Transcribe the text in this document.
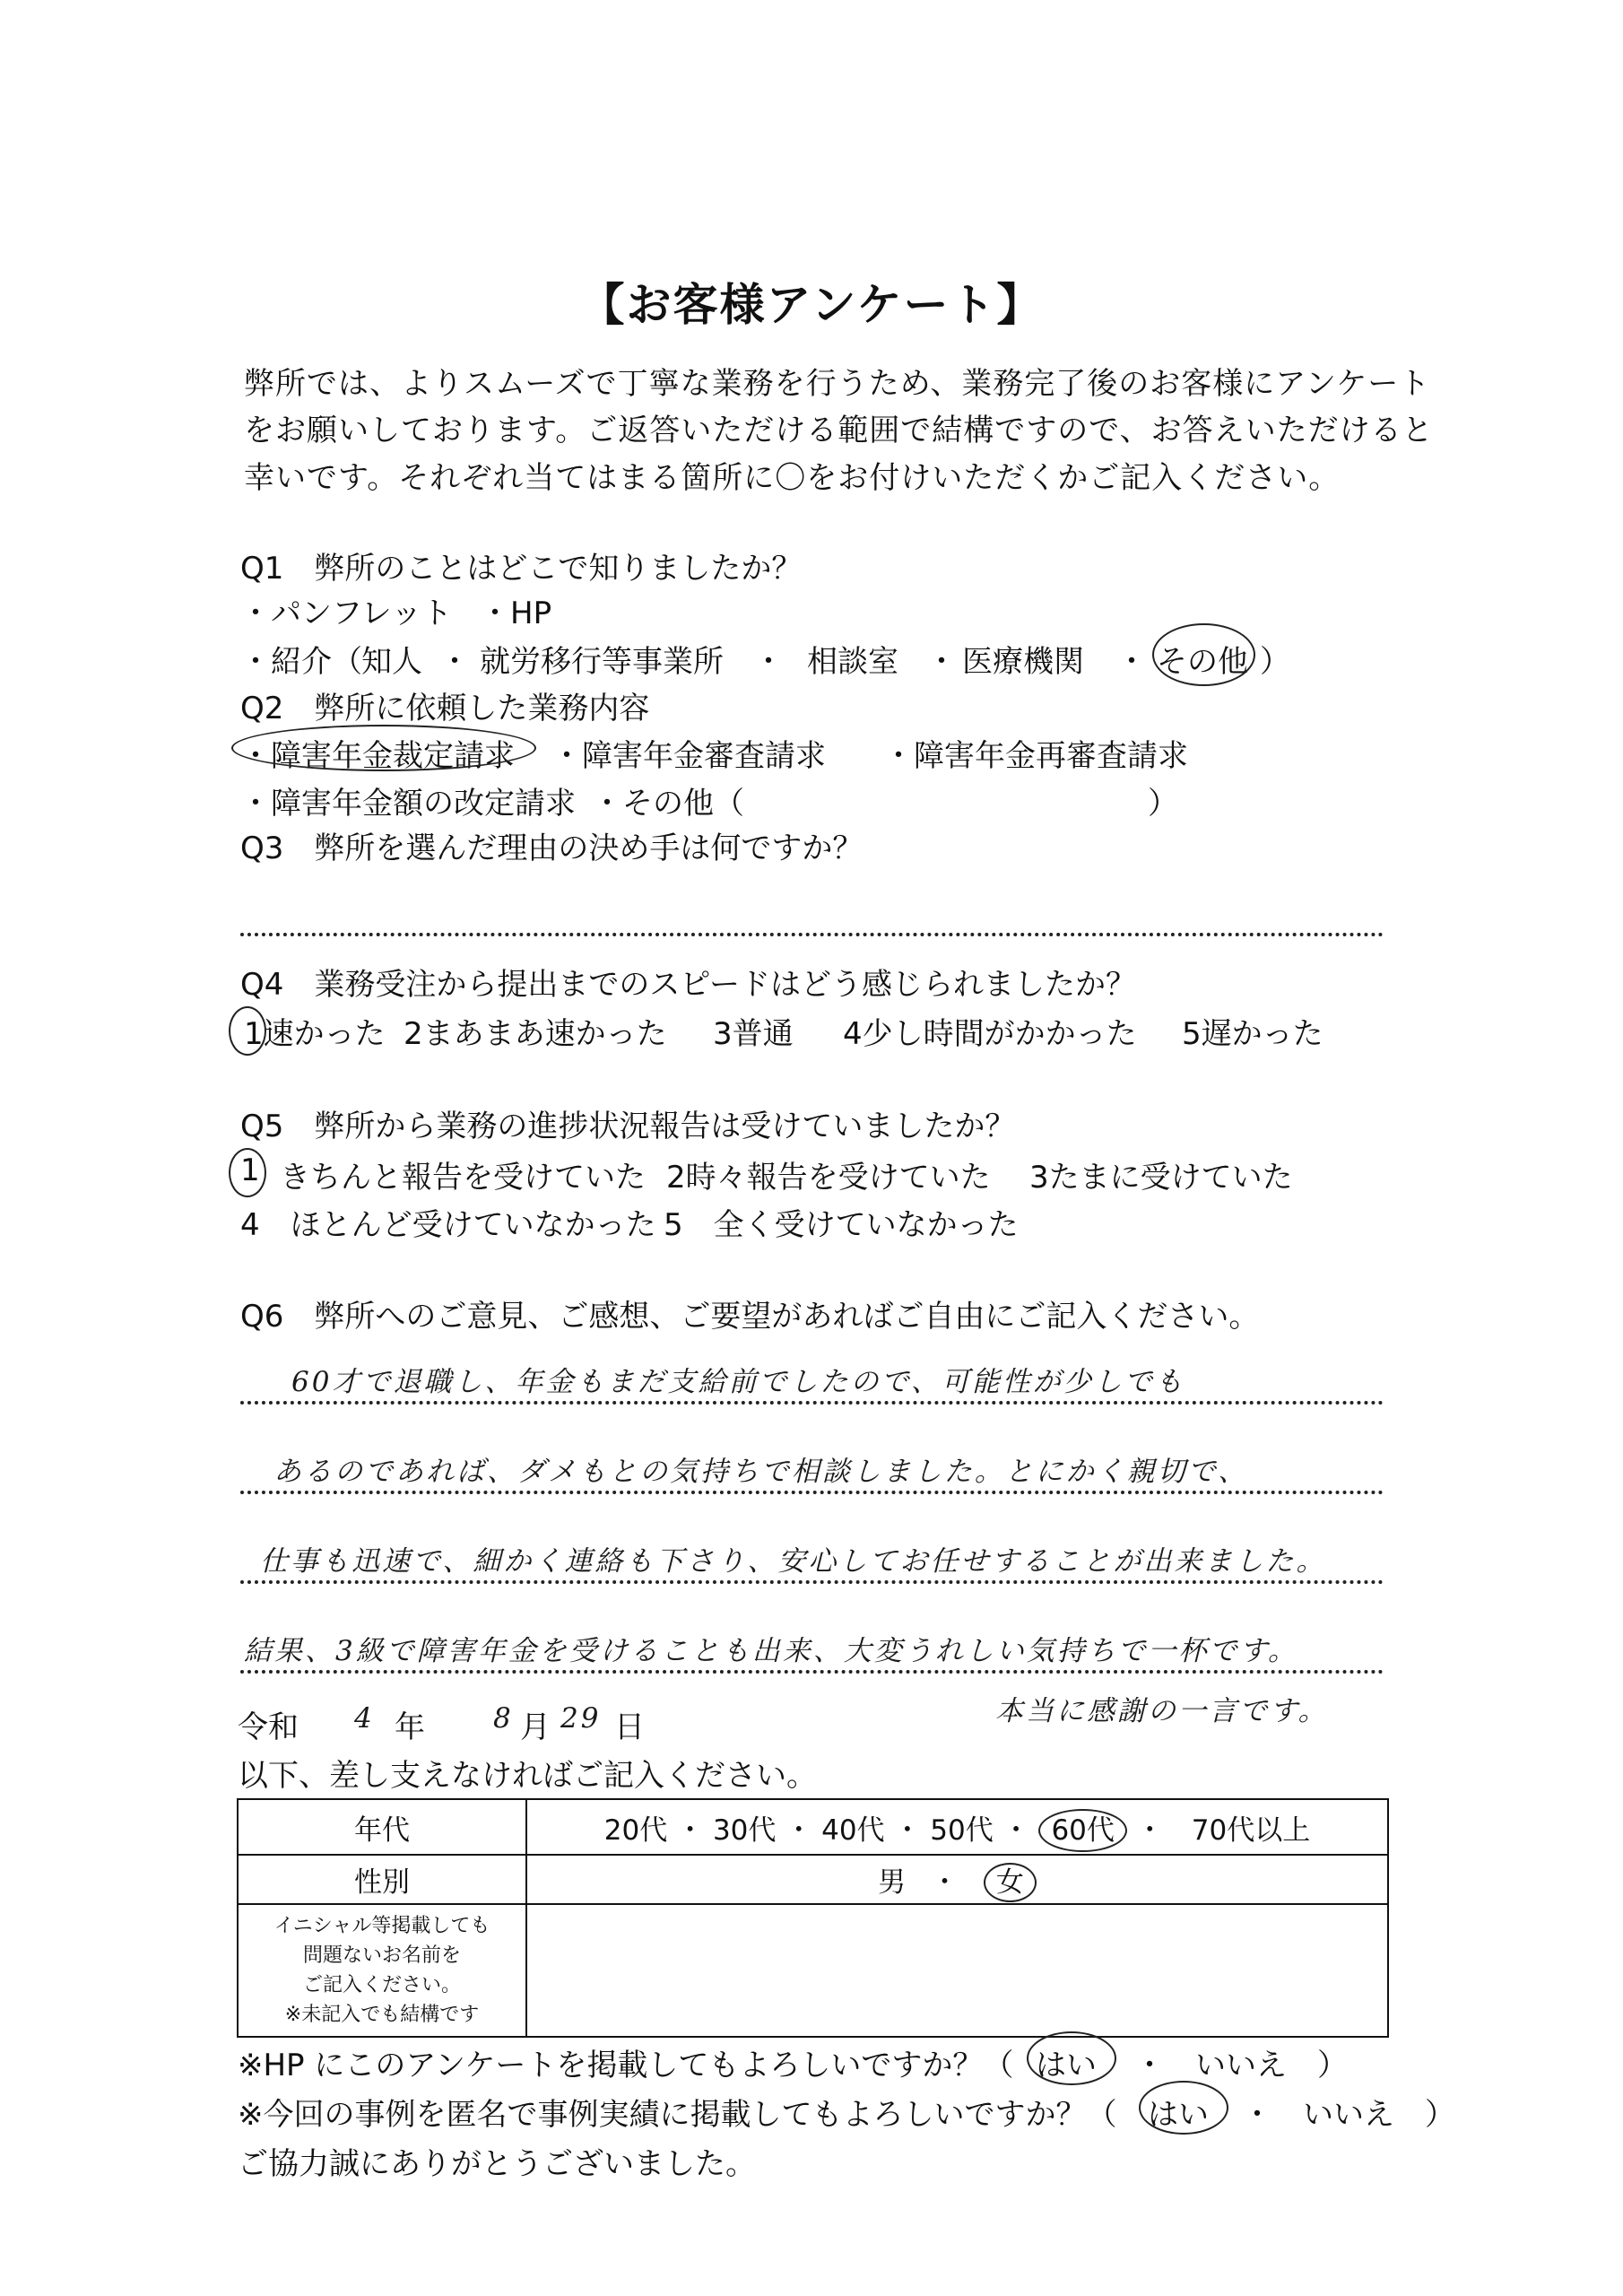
【お客様アンケート】
弊所では、よりスムーズで丁寧な業務を行うため、業務完了後のお客様にアンケート
をお願いしております。ご返答いただける範囲で結構ですので、お答えいただけると
幸いです。それぞれ当てはまる箇所に〇をお付けいただくかご記入ください。
Q1　弊所のことはどこで知りましたか？
・パンフレット ・HP
・紹介（ 知人 ・ 就労移行等事業所 ・ 相談室 ・ 医療機関 ・ その他 ）
Q2　弊所に依頼した業務内容
・障害年金裁定請求 ・障害年金審査請求 ・障害年金再審査請求
・障害年金額の改定請求 ・その他（	）
Q3　弊所を選んだ理由の決め手は何ですか？
Q4　業務受注から提出までのスピードはどう感じられましたか？
1速かった 2まあまあ速かった 3普通 4少し時間がかかった 5遅かった
Q5　弊所から業務の進捗状況報告は受けていましたか？
1 きちんと報告を受けていた 2時々報告を受けていた 3たまに受けていた
4　ほとんど受けていなかった 5　全く受けていなかった
Q6　弊所へのご意見、ご感想、ご要望があればご自由にご記入ください。
60才で退職し、年金もまだ支給前でしたので、可能性が少しでも
あるのであれば、ダメもとの気持ちで相談しました。とにかく親切で、
仕事も迅速で、細かく連絡も下さり、安心してお任せすることが出来ました。
結果、3級で障害年金を受けることも出来、大変うれしい気持ちで一杯です。
本当に感謝の一言です。
令和 4 年 8 月 29 日
以下、差し支えなければご記入ください。
年代	20代 ・ 30代 ・ 40代 ・ 50代 ・ 60代 ・　70代以上
性別	男 ・ 女

イニシャル等掲載しても
問題ないお名前を
ご記入ください。
※未記入でも結構です	

※HP にこのアンケートを掲載してもよろしいですか？（ はい ・　いいえ　）
※今回の事例を匿名で事例実績に掲載してもよろしいですか？（ はい ・　いいえ　）
ご協力誠にありがとうございました。
